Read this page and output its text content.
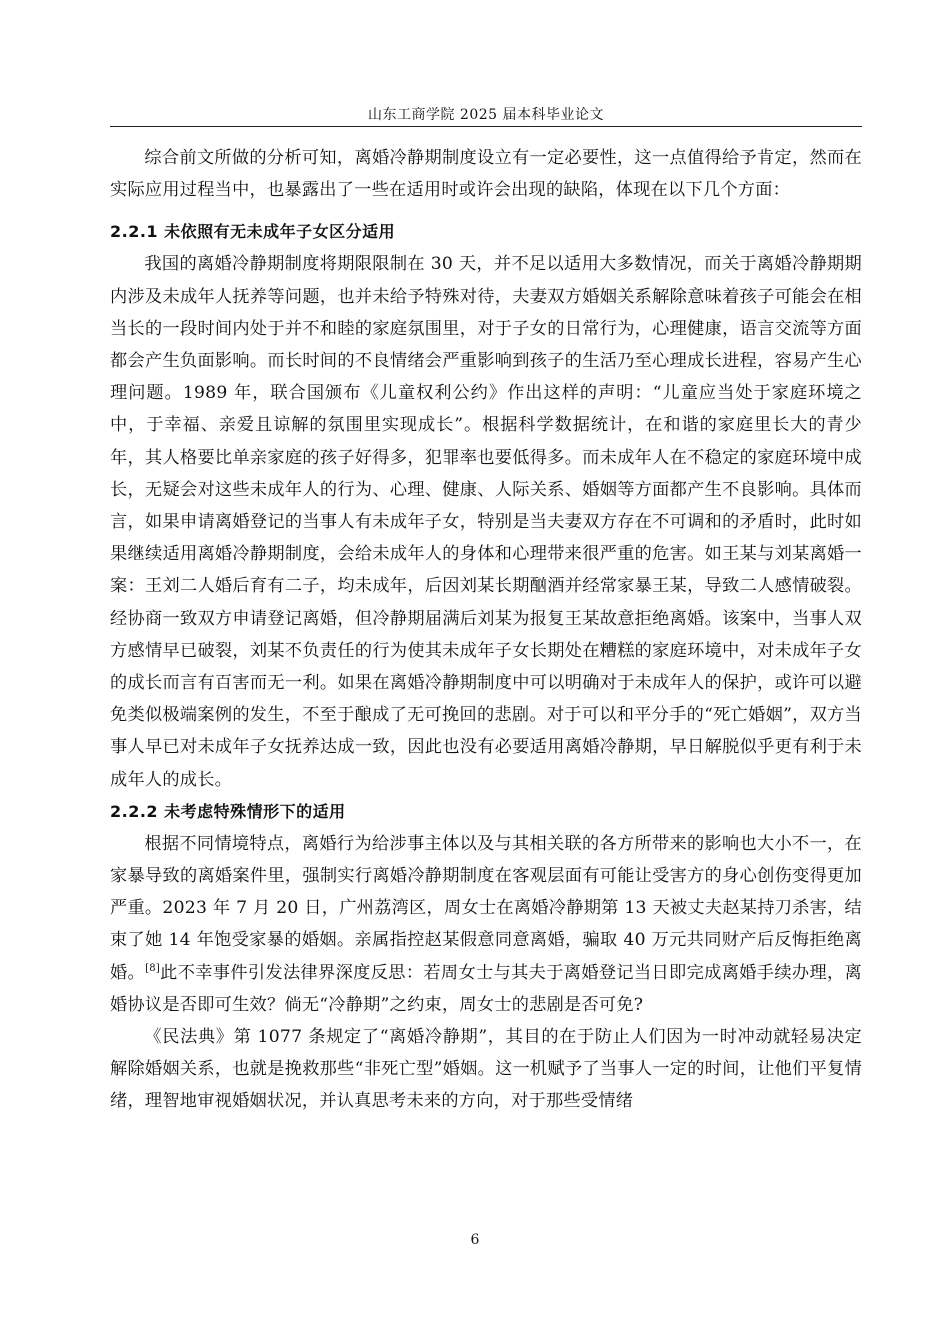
山东工商学院 2025 届本科毕业论文

综合前文所做的分析可知，离婚冷静期制度设立有一定必要性，这一点值得给予肯定，然而在实际应用过程当中，也暴露出了一些在适用时或许会出现的缺陷，体现在以下几个方面：

2.2.1 未依照有无未成年子女区分适用

我国的离婚冷静期制度将期限限制在 30 天，并不足以适用大多数情况，而关于离婚冷静期期内涉及未成年人抚养等问题，也并未给予特殊对待，夫妻双方婚姻关系解除意味着孩子可能会在相当长的一段时间内处于并不和睦的家庭氛围里，对于子女的日常行为，心理健康，语言交流等方面都会产生负面影响。而长时间的不良情绪会严重影响到孩子的生活乃至心理成长进程，容易产生心理问题。1989 年，联合国颁布《儿童权利公约》作出这样的声明：“儿童应当处于家庭环境之中，于幸福、亲爱且谅解的氛围里实现成长”。根据科学数据统计，在和谐的家庭里长大的青少年，其人格要比单亲家庭的孩子好得多，犯罪率也要低得多。而未成年人在不稳定的家庭环境中成长，无疑会对这些未成年人的行为、心理、健康、人际关系、婚姻等方面都产生不良影响。具体而言，如果申请离婚登记的当事人有未成年子女，特别是当夫妻双方存在不可调和的矛盾时，此时如果继续适用离婚冷静期制度，会给未成年人的身体和心理带来很严重的危害。如王某与刘某离婚一案：王刘二人婚后育有二子，均未成年，后因刘某长期酗酒并经常家暴王某，导致二人感情破裂。经协商一致双方申请登记离婚，但冷静期届满后刘某为报复王某故意拒绝离婚。该案中，当事人双方感情早已破裂，刘某不负责任的行为使其未成年子女长期处在糟糕的家庭环境中，对未成年子女的成长而言有百害而无一利。如果在离婚冷静期制度中可以明确对于未成年人的保护，或许可以避免类似极端案例的发生，不至于酿成了无可挽回的悲剧。对于可以和平分手的“死亡婚姻”，双方当事人早已对未成年子女抚养达成一致，因此也没有必要适用离婚冷静期，早日解脱似乎更有利于未成年人的成长。

2.2.2 未考虑特殊情形下的适用

根据不同情境特点，离婚行为给涉事主体以及与其相关联的各方所带来的影响也大小不一，在家暴导致的离婚案件里，强制实行离婚冷静期制度在客观层面有可能让受害方的身心创伤变得更加严重。2023 年 7 月 20 日，广州荔湾区，周女士在离婚冷静期第 13 天被丈夫赵某持刀杀害，结束了她 14 年饱受家暴的婚姻。亲属指控赵某假意同意离婚，骗取 40 万元共同财产后反悔拒绝离婚。[8]此不幸事件引发法律界深度反思：若周女士与其夫于离婚登记当日即完成离婚手续办理，离婚协议是否即可生效？倘无“冷静期”之约束，周女士的悲剧是否可免?

《民法典》第 1077 条规定了“离婚冷静期”，其目的在于防止人们因为一时冲动就轻易决定解除婚姻关系，也就是挽救那些“非死亡型”婚姻。这一机赋予了当事人一定的时间，让他们平复情绪，理智地审视婚姻状况，并认真思考未来的方向，对于那些受情绪

6
